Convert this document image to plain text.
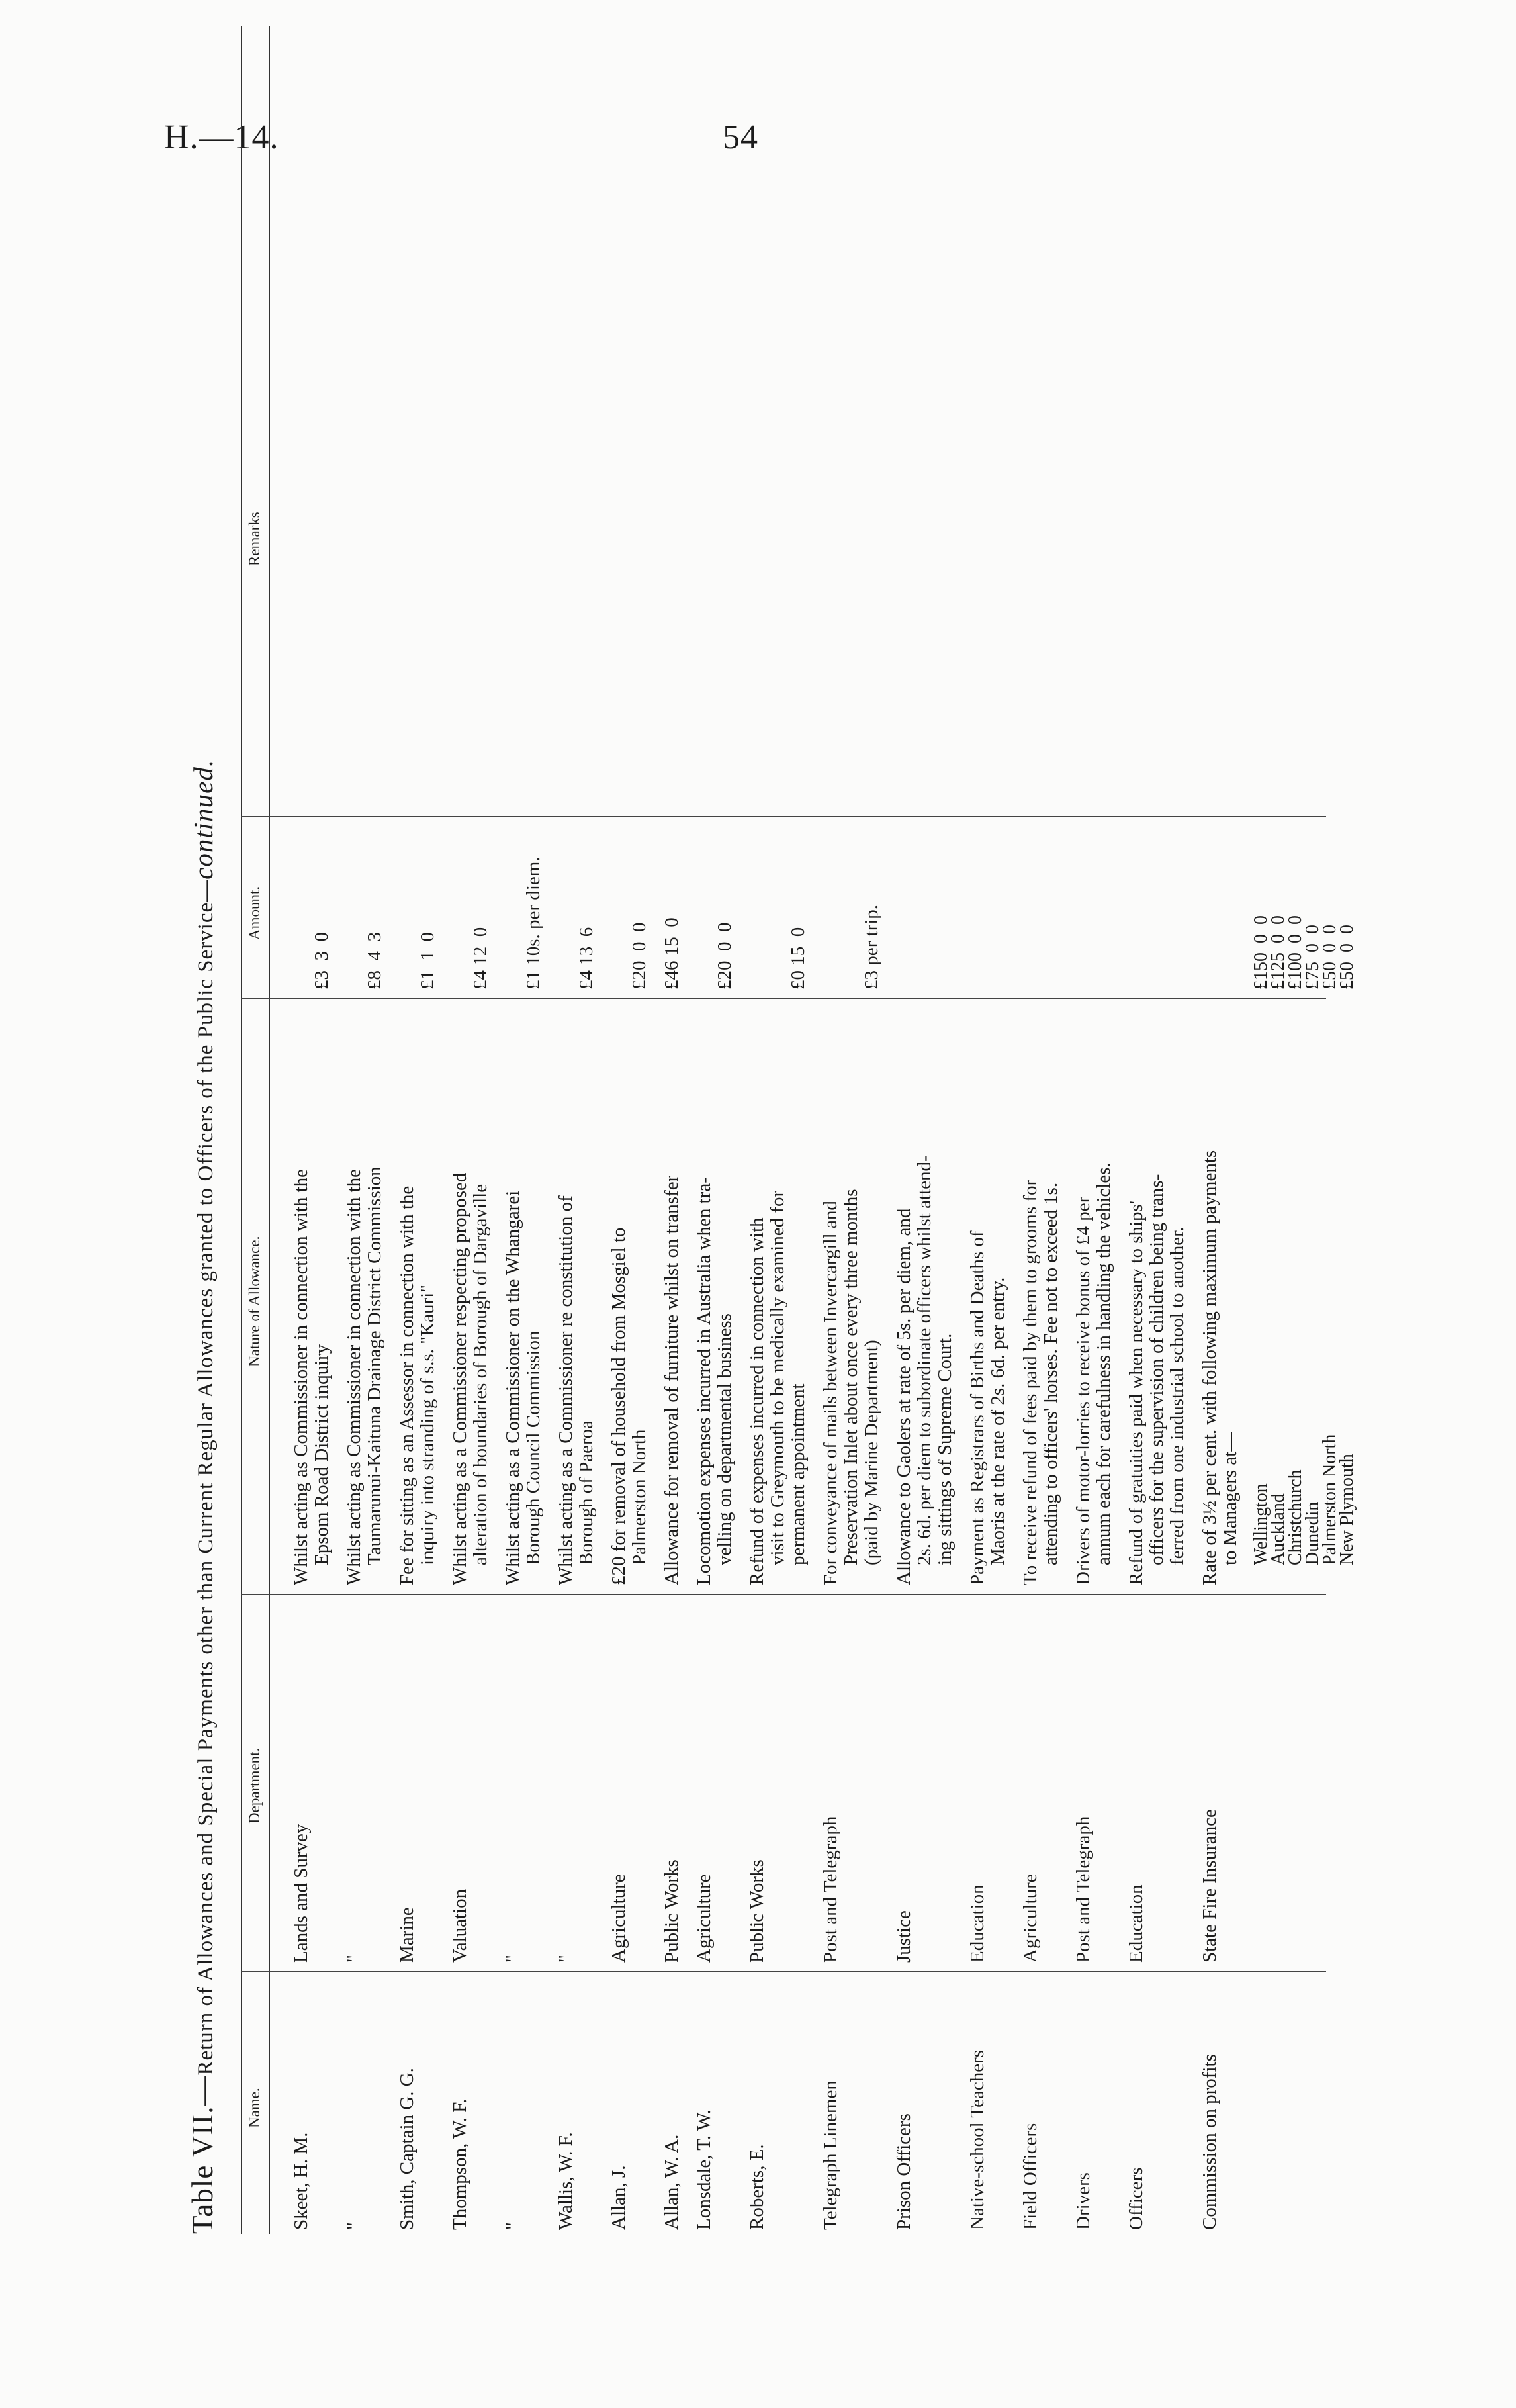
H.—14.	54
Table VII.—Return of Allowances and Special Payments other than Current Regular Allowances granted to Officers of the Public Service—continued.
Name.
Department.
Nature of Allowance.
Amount.
Remarks
Skeet, H. M.
Lands and Survey
Whilst acting as Commissioner in connection with the Epsom Road District inquiry
£3  3  0
"
"
Whilst acting as Commissioner in connection with the Taumarunui-Kaituna Drainage District Commission
£8  4  3
Smith, Captain G. G.
Marine
Fee for sitting as an Assessor in connection with the inquiry into stranding of s.s. "Kauri"
£1  1  0
Thompson, W. F.
Valuation
Whilst acting as a Commissioner respecting proposed alteration of boundaries of Borough of Dargaville
£4 12  0
"
"
Whilst acting as a Commissioner on the Whangarei Borough Council Commission
£1 10s. per diem.
Wallis, W. F.
"
Whilst acting as a Commissioner re constitution of Borough of Paeroa
£4 13  6
Allan, J.
Agriculture
£20 for removal of household from Mosgiel to Palmerston North
£20  0  0
Allan, W. A.
Public Works
Allowance for removal of furniture whilst on transfer
£46 15  0
Lonsdale, T. W.
Agriculture
Locomotion expenses incurred in Australia when tra- velling on departmental business
£20  0  0
Roberts, E.
Public Works
Refund of expenses incurred in connection with visit to Greymouth to be medically examined for permanent appointment
£0 15  0
Telegraph Linemen
Post and Telegraph
For conveyance of mails between Invercargill and Preservation Inlet about once every three months (paid by Marine Department)
£3 per trip.
Prison Officers
Justice
Allowance to Gaolers at rate of 5s. per diem, and 2s. 6d. per diem to subordinate officers whilst attend- ing sittings of Supreme Court.
Native-school Teachers
Education
Payment as Registrars of Births and Deaths of Maoris at the rate of 2s. 6d. per entry.
Field Officers
Agriculture
To receive refund of fees paid by them to grooms for attending to officers' horses. Fee not to exceed 1s.
Drivers
Post and Telegraph
Drivers of motor-lorries to receive bonus of £4 per annum each for carefulness in handling the vehicles.
Officers
Education
Refund of gratuities paid when necessary to ships' officers for the supervision of children being trans- ferred from one industrial school to another.
Commission on profits
State Fire Insurance
Rate of 3½ per cent. with following maximum payments to Managers at— Wellington
£150  0  0
Auckland
£125  0  0
Christchurch
£100  0  0
Dunedin
£75  0  0
Palmerston North
£50  0  0
New Plymouth
£50  0  0
